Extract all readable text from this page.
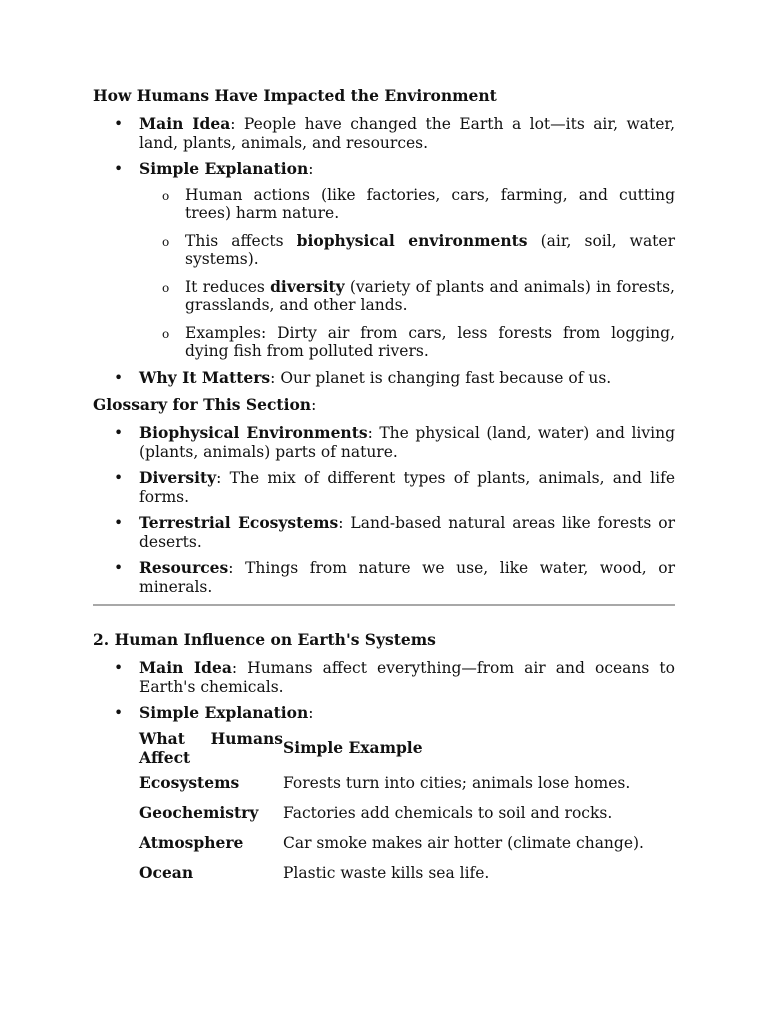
How Humans Have Impacted the Environment
• Main Idea: People have changed the Earth a lot—its air, water, land, plants, animals, and resources.
• Simple Explanation:
o Human actions (like factories, cars, farming, and cutting trees) harm nature.
o This affects biophysical environments (air, soil, water systems).
o It reduces diversity (variety of plants and animals) in forests, grasslands, and other lands.
o Examples: Dirty air from cars, less forests from logging, dying fish from polluted rivers.
• Why It Matters: Our planet is changing fast because of us.
Glossary for This Section:
• Biophysical Environments: The physical (land, water) and living (plants, animals) parts of nature.
• Diversity: The mix of different types of plants, animals, and life forms.
• Terrestrial Ecosystems: Land-based natural areas like forests or deserts.
• Resources: Things from nature we use, like water, wood, or minerals.
2. Human Influence on Earth's Systems
• Main Idea: Humans affect everything—from air and oceans to Earth's chemicals.
• Simple Explanation:
What Humans Affect	Simple Example
Ecosystems	Forests turn into cities; animals lose homes.
Geochemistry	Factories add chemicals to soil and rocks.
Atmosphere	Car smoke makes air hotter (climate change).
Ocean	Plastic waste kills sea life.
